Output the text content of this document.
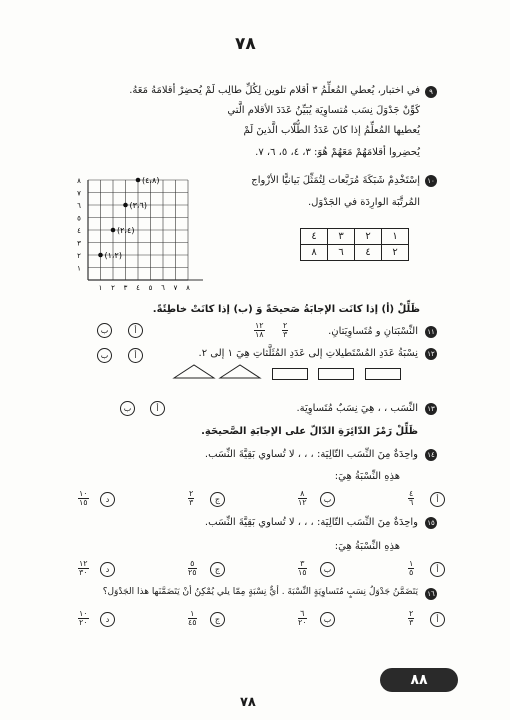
٧٨
٩
في اختبار، يُعطي المُعلِّمُ ٣ أقلام تلوين لِكُلِّ طالِب لَمْ يُحضِرْ أقلامَهُ مَعَهُ.
كَوِّنْ جَدْوَلَ نِسَب مُتساوِيَة يُبَيِّنُ عَدَدَ الأقلام الَّتي
يُعطيها المُعلِّمُ إذا كانَ عَدَدُ الطُّلّاب الَّذينَ لَمْ
يُحضِروا أقلامَهُمْ مَعَهُمْ هُوَ: ٣، ٤، ٥، ٦، ٧.
١٠
إسْتَخْدِمْ شَبَكَةَ مُرَبَّعات لِتُمَثِّلَ بَيانيًّا الأزْواج
المُرتَّبَة الوارِدَة في الجَدْوَل.
٤	٣	٢	١
٨	٦	٤	٢
٨
٧
٦
٥
٤
٣
٢
١
١ ٢ ٣ ٤ ٥ ٦ ٧ ٨
(١،٢)
(٢،٤)
(٣،٦)
(٤،٨)
ظَلِّلْ (أ) إذا كانَت الإجابَةُ صَحيحَةً وَ (ب) إذا كانَتْ خاطِئَةً.
١١
النِّسْبَتانِ و مُتَساوِيَتانِ.
٢
٣
١٢
١٨
أ
ب
١٢
نِسْبَةُ عَدَدِ المُسْتَطيلاتِ إلى عَدَدِ المُثَلَّثاتِ هِيَ ١ إلى ٢.
أ
ب
١٣
النِّسَب ، ، هِيَ نِسَبٌ مُتَساوِيَة.
أ
ب
ظَلِّلْ رَمْزَ الدّائِرَةِ الدّالّ على الإجابَةِ الصَّحيحَةِ.
١٤
واحِدَةٌ مِنَ النِّسَب التّالِيَة: ، ، ، لا تُساوي بَقِيَّةَ النِّسَب.
هذِهِ النِّسْبَةُ هِيَ:
أ
٤
٦
ب
٨
١٢
ج
٢
٣
د
١٠
١٥
١٥
واحِدَةٌ مِنَ النِّسَب التّالِيَة: ، ، ، لا تُساوي بَقِيَّةَ النِّسَب.
هذِهِ النِّسْبَةُ هِيَ:
أ
١
٥
ب
٣
١٥
ج
٥
٢٥
د
١٢
٣٠
١٦
يَتَضَمَّنُ جَدْوَلُ نِسَبٍ مُتَساوِيَةٍ النِّسْبَةَ . أيٌّ نِسْبَةٍ مِمّا يلي يُمْكِنُ أنْ يَتَضَمَّنَها هذا الجَدْوَل؟
أ
٢
٣
ب
٦
٢٠
ج
١
٤٥
د
١٠
٢٠
٨٨
٧٨
